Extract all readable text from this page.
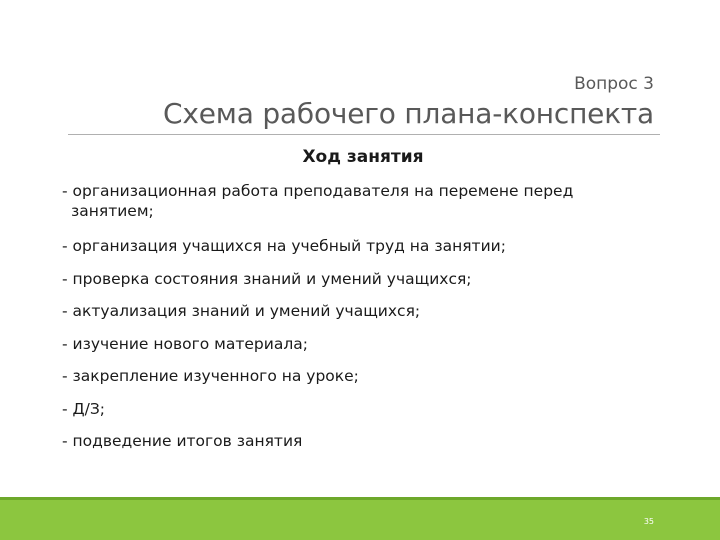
Вопрос 3

Схема рабочего плана-конспекта
Ход занятия
- организационная работа преподавателя на перемене перед
занятием;
- организация учащихся на учебный труд на занятии;
- проверка состояния знаний и умений учащихся;
- актуализация знаний и умений учащихся;
- изучение нового материала;
- закрепление изученного на уроке;
- Д/З;
- подведение итогов занятия
35
